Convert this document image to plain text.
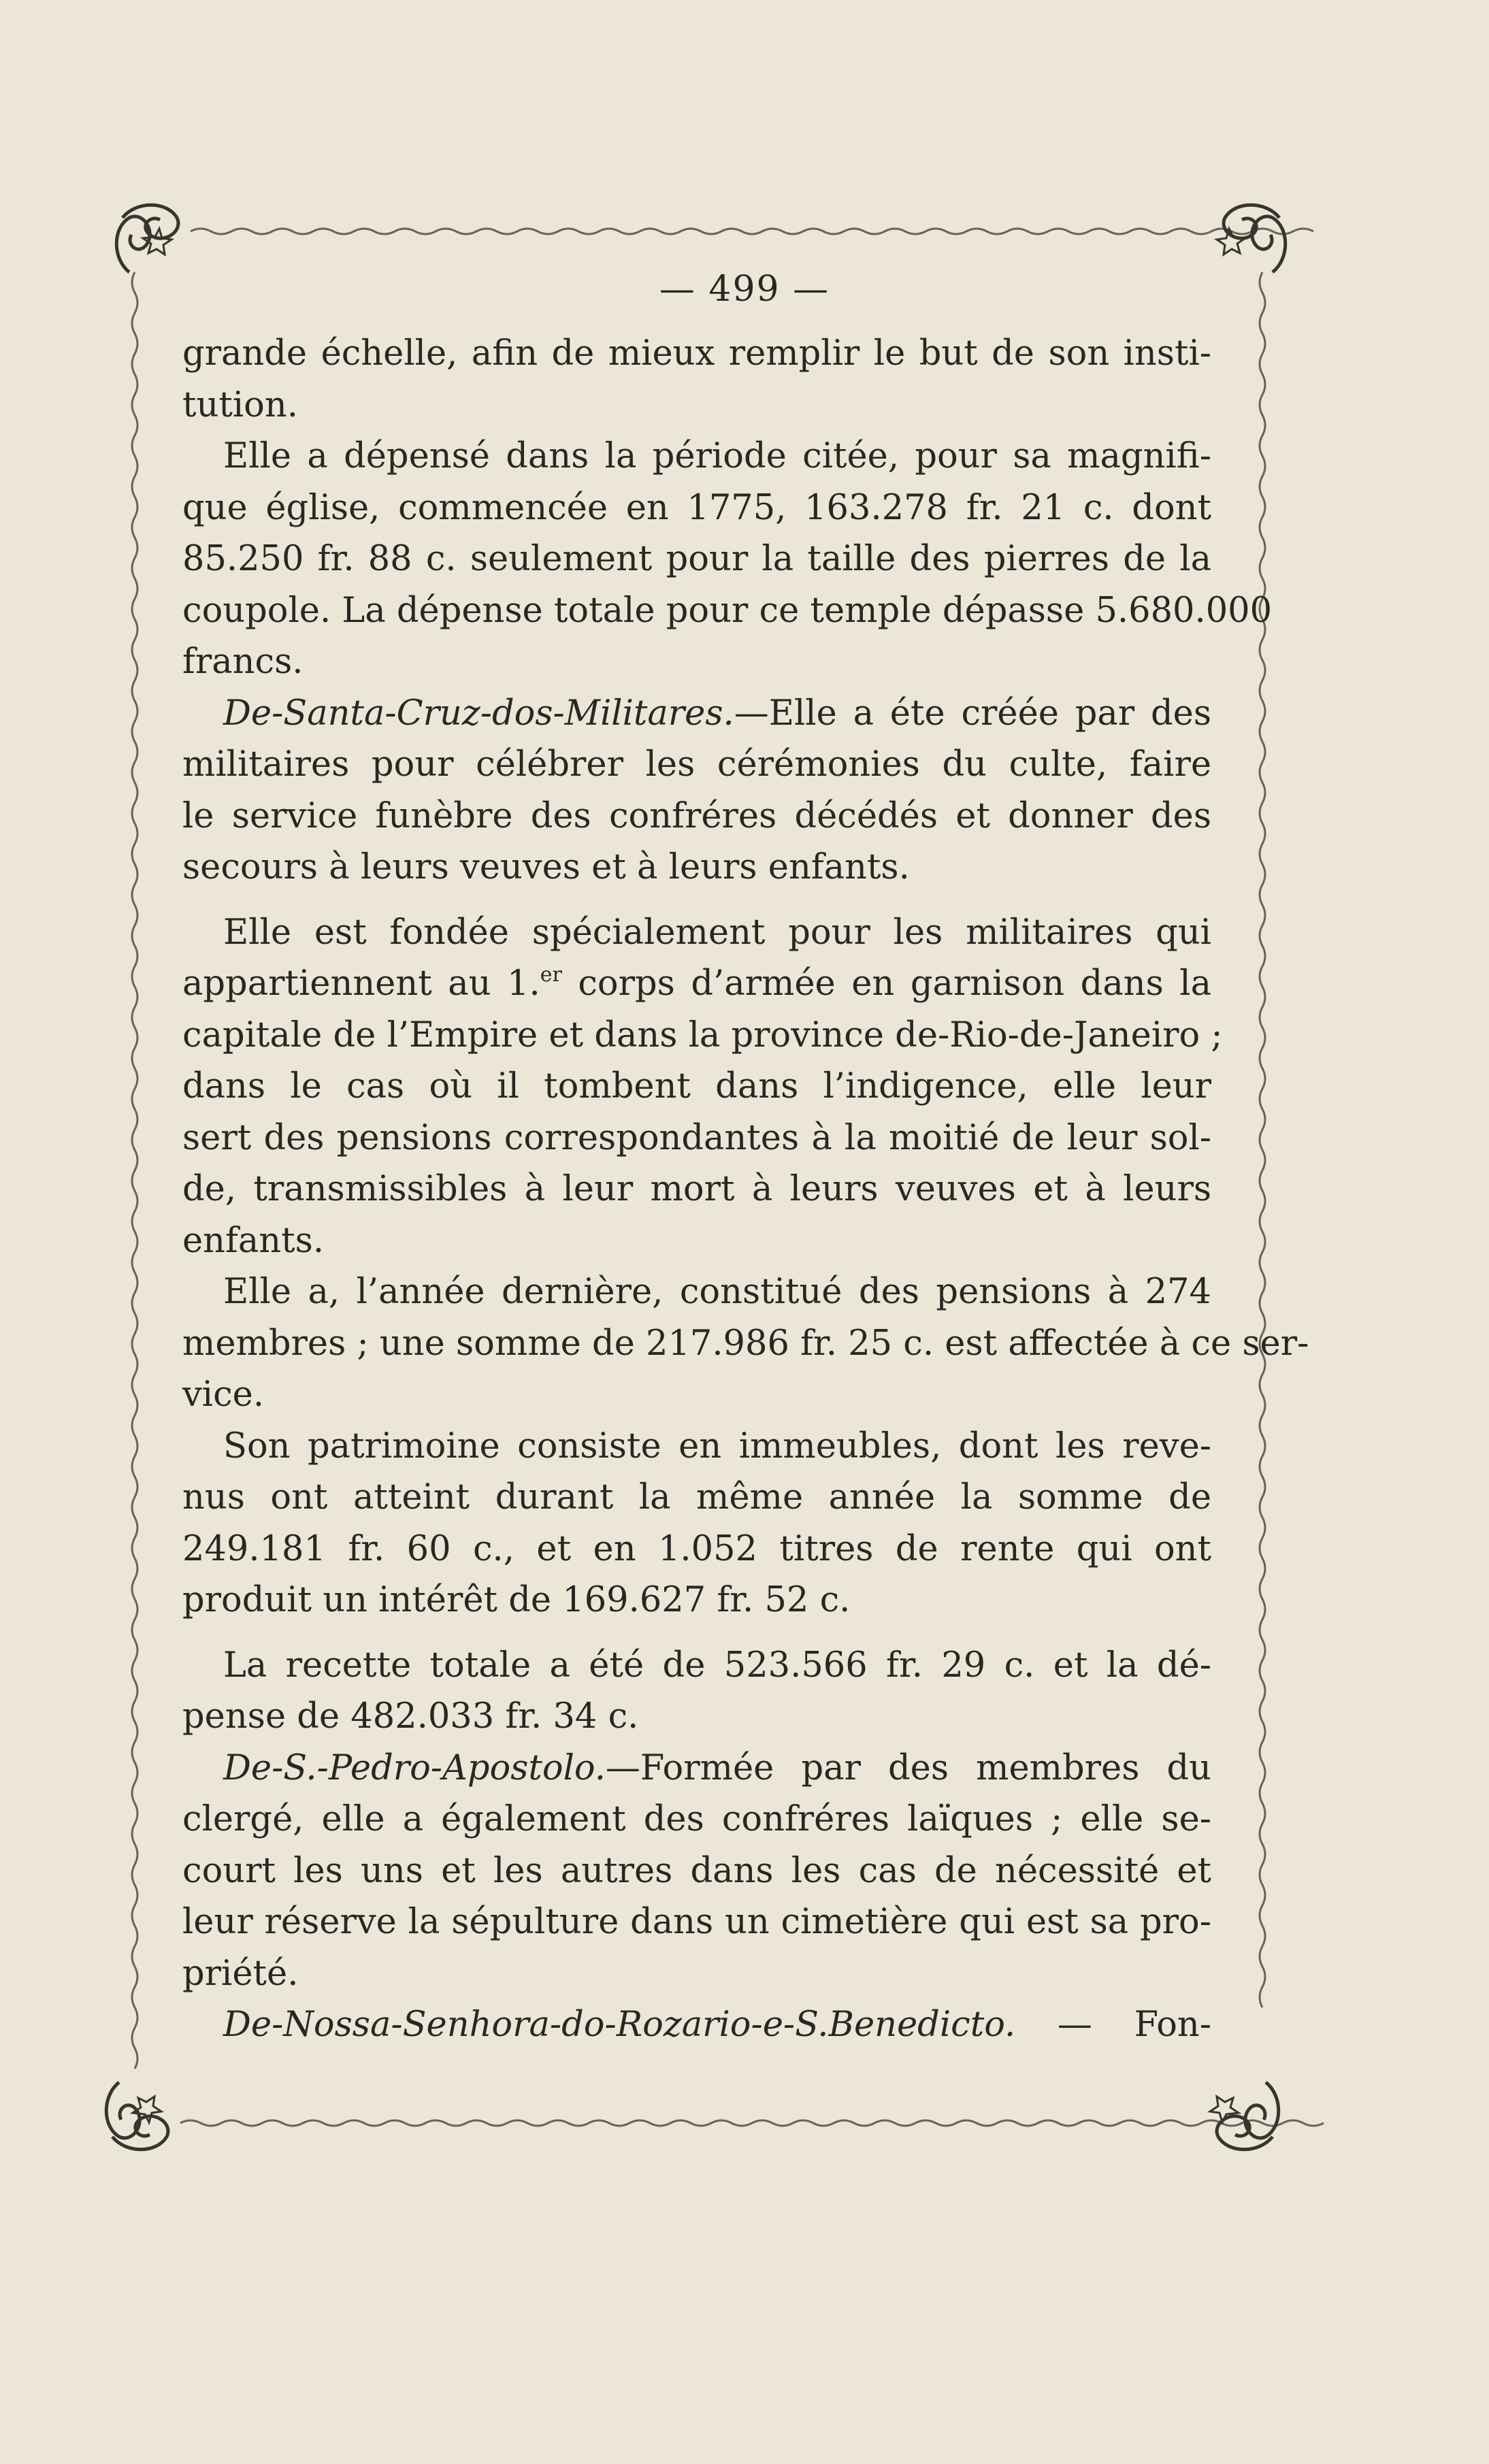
— 499 —
grande échelle, afin de mieux remplir le but de son insti-
tution.
Elle a dépensé dans la période citée, pour sa magnifi-
que église, commencée en 1775, 163.278 fr. 21 c. dont
85.250 fr. 88 c. seulement pour la taille des pierres de la
coupole. La dépense totale pour ce temple dépasse 5.680.000
francs.
De-Santa-Cruz-dos-Militares.—Elle a éte créée par des
militaires pour célébrer les cérémonies du culte, faire
le service funèbre des confréres décédés et donner des
secours à leurs veuves et à leurs enfants.
Elle est fondée spécialement pour les militaires qui
appartiennent au 1.$^{er}$ corps d’armée en garnison dans la
capitale de l’Empire et dans la province de-Rio-de-Janeiro ;
dans le cas où il tombent dans l’indigence, elle leur
sert des pensions correspondantes à la moitié de leur sol-
de, transmissibles à leur mort à leurs veuves et à leurs
enfants.
Elle a, l’année dernière, constitué des pensions à 274
membres ; une somme de 217.986 fr. 25 c. est affectée à ce ser-
vice.
Son patrimoine consiste en immeubles, dont les reve-
nus ont atteint durant la même année la somme de
249.181 fr. 60 c., et en 1.052 titres de rente qui ont
produit un intérêt de 169.627 fr. 52 c.
La recette totale a été de 523.566 fr. 29 c. et la dé-
pense de 482.033 fr. 34 c.
De-S.-Pedro-Apostolo.—Formée par des membres du
clergé, elle a également des confréres laïques ; elle se-
court les uns et les autres dans les cas de nécessité et
leur réserve la sépulture dans un cimetière qui est sa pro-
priété.
De-Nossa-Senhora-do-Rozario-e-S.Benedicto. — Fon-
